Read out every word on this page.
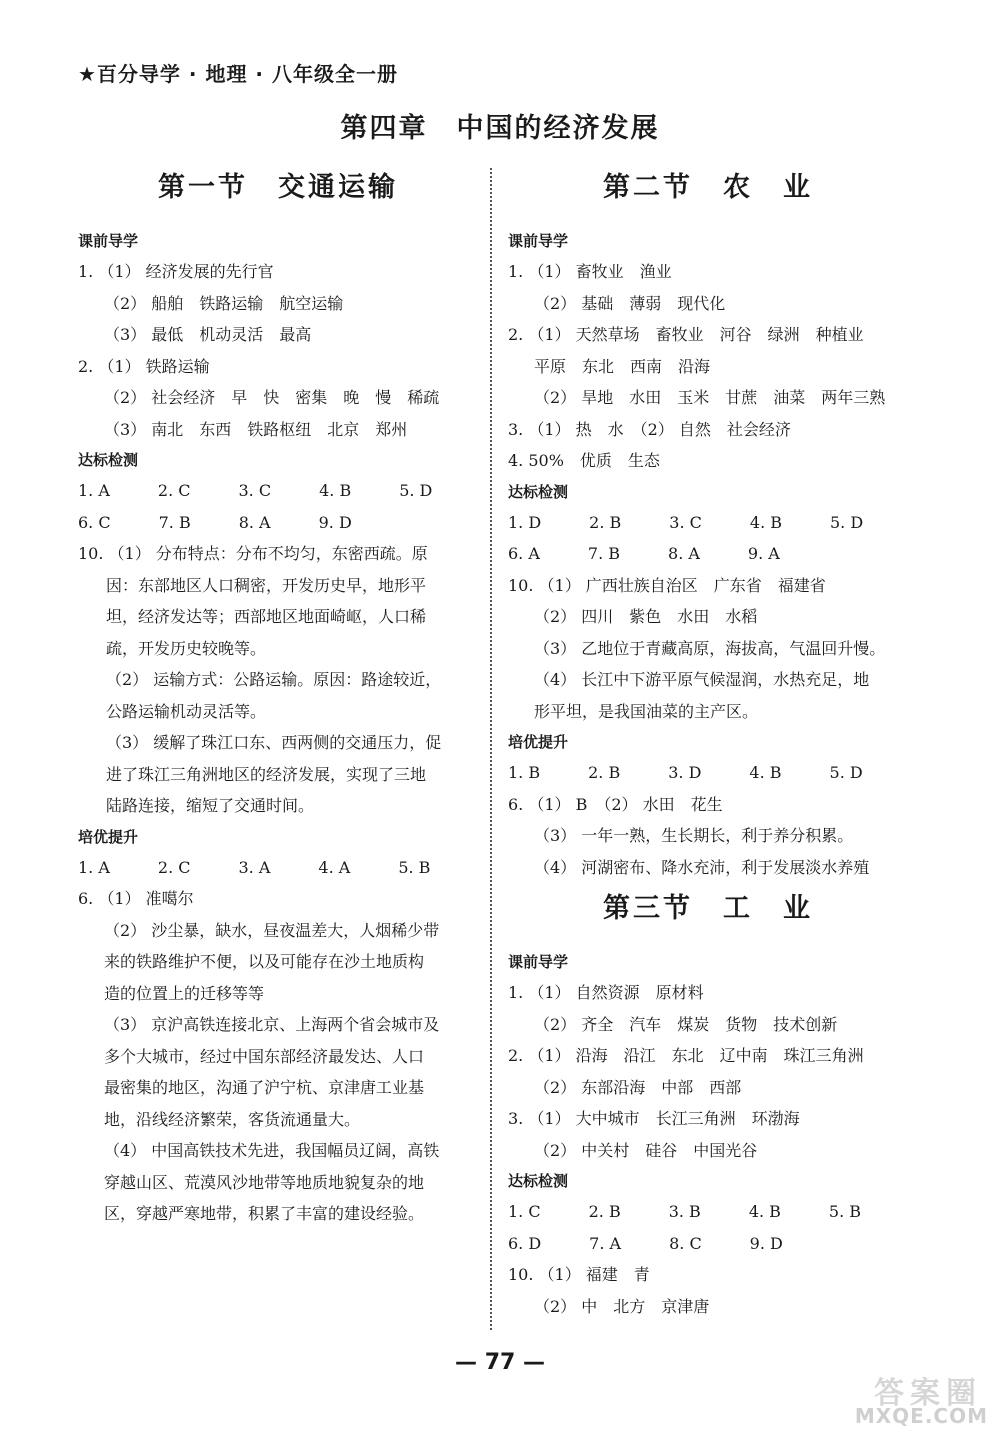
★百分导学 · 地理 · 八年级全一册
第四章　中国的经济发展
第一节　交通运输
课前导学
1. （1） 经济发展的先行官
（2） 船舶　铁路运输　航空运输
（3） 最低　机动灵活　最高
2. （1） 铁路运输
（2） 社会经济　早　快　密集　晚　慢　稀疏
（3） 南北　东西　铁路枢纽　北京　郑州
达标检测
1. A　　　2. C　　　3. C　　　4. B　　　5. D
6. C　　　7. B　　　8. A　　　9. D
10. （1） 分布特点：分布不均匀，东密西疏。原
因：东部地区人口稠密，开发历史早，地形平
坦，经济发达等；西部地区地面崎岖，人口稀
疏，开发历史较晚等。
（2） 运输方式：公路运输。原因：路途较近，
公路运输机动灵活等。
（3） 缓解了珠江口东、西两侧的交通压力，促
进了珠江三角洲地区的经济发展，实现了三地
陆路连接，缩短了交通时间。
培优提升
1. A　　　2. C　　　3. A　　　4. A　　　5. B
6. （1） 准噶尔
（2） 沙尘暴，缺水，昼夜温差大，人烟稀少带
来的铁路维护不便，以及可能存在沙土地质构
造的位置上的迁移等等
（3） 京沪高铁连接北京、上海两个省会城市及
多个大城市，经过中国东部经济最发达、人口
最密集的地区，沟通了沪宁杭、京津唐工业基
地，沿线经济繁荣，客货流通量大。
（4） 中国高铁技术先进，我国幅员辽阔，高铁
穿越山区、荒漠风沙地带等地质地貌复杂的地
区，穿越严寒地带，积累了丰富的建设经验。
第二节　农　业
课前导学
1. （1） 畜牧业　渔业
（2） 基础　薄弱　现代化
2. （1） 天然草场　畜牧业　河谷　绿洲　种植业
平原　东北　西南　沿海
（2） 旱地　水田　玉米　甘蔗　油菜　两年三熟
3. （1） 热　水　（2） 自然　社会经济
4. 50%　优质　生态
达标检测
1. D　　　2. B　　　3. C　　　4. B　　　5. D
6. A　　　7. B　　　8. A　　　9. A
10. （1） 广西壮族自治区　广东省　福建省
（2） 四川　紫色　水田　水稻
（3） 乙地位于青藏高原，海拔高，气温回升慢。
（4） 长江中下游平原气候湿润，水热充足，地
形平坦，是我国油菜的主产区。
培优提升
1. B　　　2. B　　　3. D　　　4. B　　　5. D
6. （1） B　（2） 水田　花生
（3） 一年一熟，生长期长，利于养分积累。
（4） 河湖密布、降水充沛，利于发展淡水养殖
第三节　工　业
课前导学
1. （1） 自然资源　原材料
（2） 齐全　汽车　煤炭　货物　技术创新
2. （1） 沿海　沿江　东北　辽中南　珠江三角洲
（2） 东部沿海　中部　西部
3. （1） 大中城市　长江三角洲　环渤海
（2） 中关村　硅谷　中国光谷
达标检测
1. C　　　2. B　　　3. B　　　4. B　　　5. B
6. D　　　7. A　　　8. C　　　9. D
10. （1） 福建　青
（2） 中　北方　京津唐
— 77 —
答案圈
MXQE.COM
